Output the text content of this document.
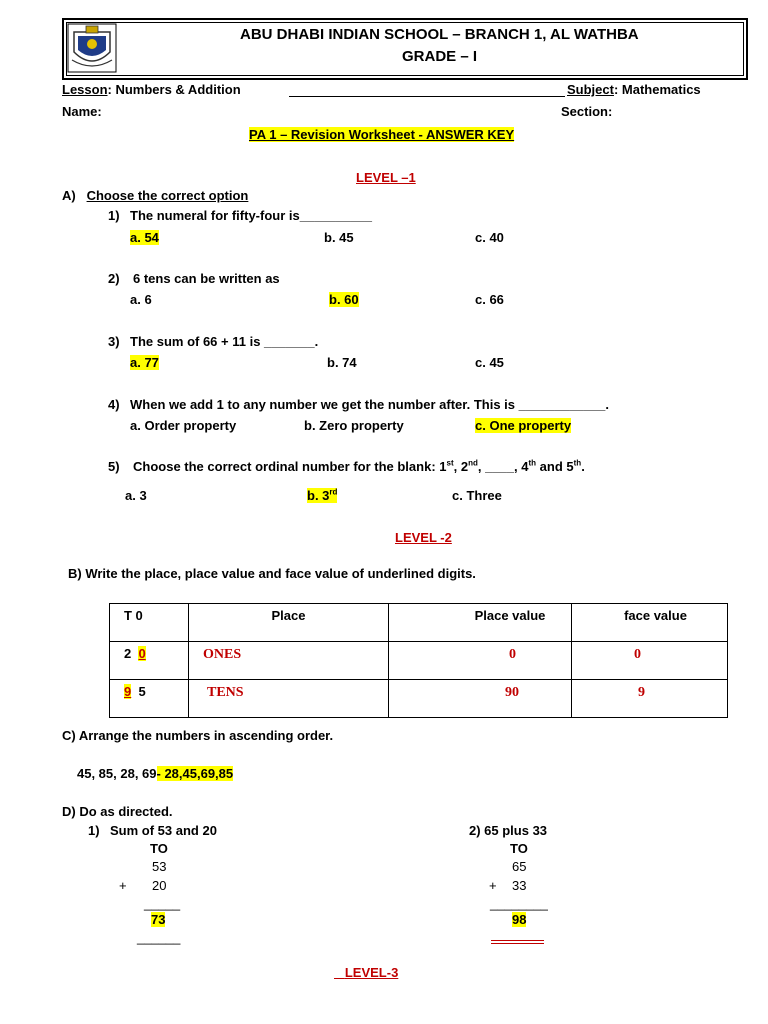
ABU DHABI INDIAN SCHOOL – BRANCH 1, AL WATHBA
GRADE – I
Lesson: Numbers & Addition	Subject: Mathematics
Name:	Section:
PA 1 – Revision Worksheet - ANSWER KEY
LEVEL –1
A) Choose the correct option
1) The numeral for fifty-four is__________
a. 54	b. 45	c. 40
2) 6 tens can be written as
a. 6	b. 60	c. 66
3) The sum of 66 + 11 is _______.
a. 77	b. 74	c. 45
4) When we add 1 to any number we get the number after. This is ____________.
a. Order property	b. Zero property	c. One property
5) Choose the correct ordinal number for the blank: 1st, 2nd, ____, 4th and 5th.
a. 3	b. 3rd	c. Three
LEVEL -2
B) Write the place, place value and face value of underlined digits.
T 0	Place	Place value	face value
2 0	ONES	0	0
9 5	TENS	90	9
C) Arrange the numbers in ascending order.
45, 85, 28, 69- 28,45,69,85
D) Do as directed.
1) Sum of 53 and 20
TO
53
+ 20
_____
73
______
2) 65 plus 33
TO
65
+ 33
________
98
LEVEL-3
